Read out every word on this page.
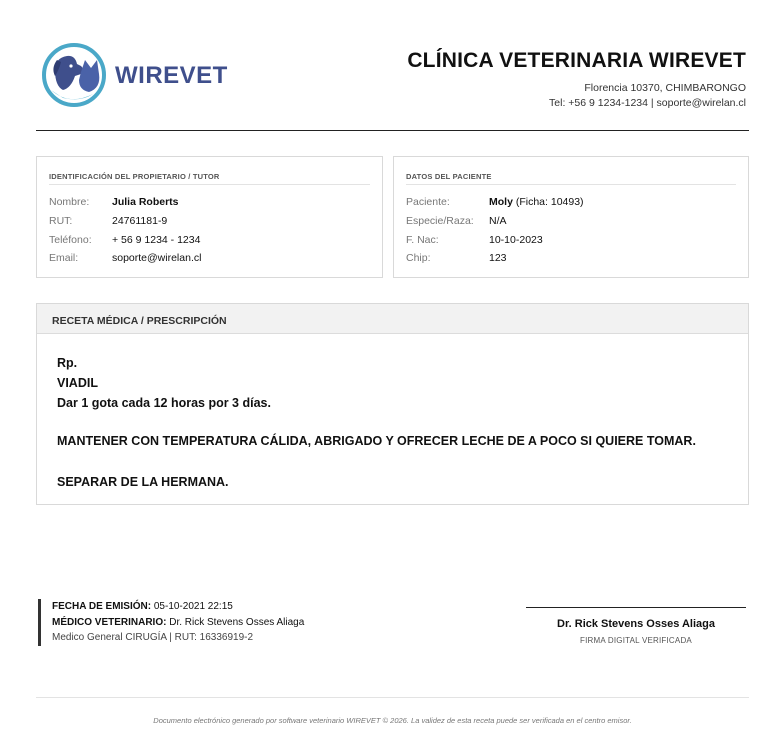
WIREVET
CLÍNICA VETERINARIA WIREVET
Florencia 10370, CHIMBARONGO
Tel: +56 9 1234-1234 | soporte@wirelan.cl
IDENTIFICACIÓN DEL PROPIETARIO / TUTOR
Nombre: Julia Roberts
RUT:	24761181-9
Teléfono: + 56 9 1234 - 1234
Email:	soporte@wirelan.cl
DATOS DEL PACIENTE
Paciente:	Moly (Ficha: 10493)
Especie/Raza: N/A
F. Nac:	10-10-2023
Chip:	123
RECETA MÉDICA / PRESCRIPCIÓN
Rp.
VIADIL
Dar 1 gota cada 12 horas por 3 días.
MANTENER CON TEMPERATURA CÁLIDA, ABRIGADO Y OFRECER LECHE DE A POCO SI QUIERE TOMAR.
SEPARAR DE LA HERMANA.
FECHA DE EMISIÓN: 05-10-2021 22:15
MÉDICO VETERINARIO: Dr. Rick Stevens Osses Aliaga
Medico General CIRUGÍA | RUT: 16336919-2
Dr. Rick Stevens Osses Aliaga
FIRMA DIGITAL VERIFICADA
Documento electrónico generado por software veterinario WIREVET © 2026. La validez de esta receta puede ser verificada en el centro emisor.
